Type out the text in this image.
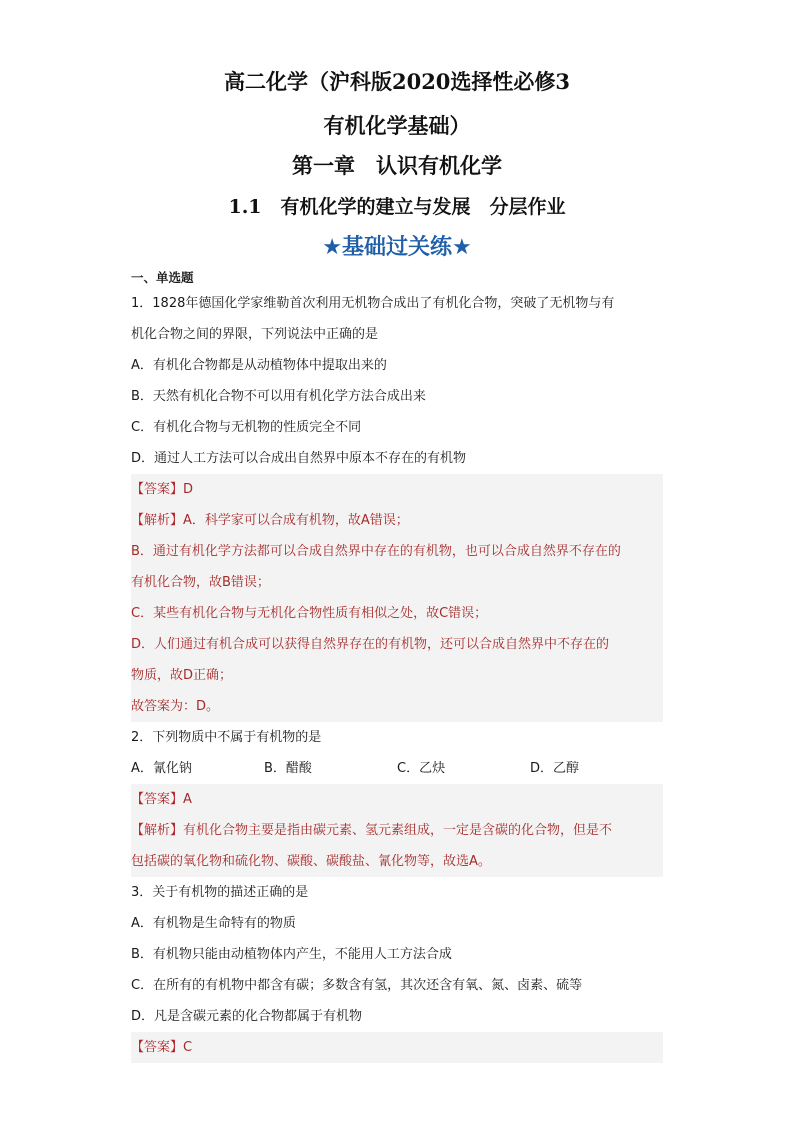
高二化学（沪科版2020选择性必修3
有机化学基础）
第一章　认识有机化学
1.1　有机化学的建立与发展　分层作业
★基础过关练★
一、单选题
1．1828年德国化学家维勒首次利用无机物合成出了有机化合物，突破了无机物与有
机化合物之间的界限，下列说法中正确的是
A．有机化合物都是从动植物体中提取出来的
B．天然有机化合物不可以用有机化学方法合成出来
C．有机化合物与无机物的性质完全不同
D．通过人工方法可以合成出自然界中原本不存在的有机物
【答案】D
【解析】A．科学家可以合成有机物，故A错误；
B．通过有机化学方法都可以合成自然界中存在的有机物，也可以合成自然界不存在的
有机化合物，故B错误；
C．某些有机化合物与无机化合物性质有相似之处，故C错误；
D．人们通过有机合成可以获得自然界存在的有机物，还可以合成自然界中不存在的
物质，故D正确；
故答案为：D。
2．下列物质中不属于有机物的是
A．氰化钠	B．醋酸	C．乙炔	D．乙醇
【答案】A
【解析】有机化合物主要是指由碳元素、氢元素组成，一定是含碳的化合物，但是不
包括碳的氧化物和硫化物、碳酸、碳酸盐、氰化物等，故选A。
3．关于有机物的描述正确的是
A．有机物是生命特有的物质
B．有机物只能由动植物体内产生，不能用人工方法合成
C．在所有的有机物中都含有碳；多数含有氢，其次还含有氧、氮、卤素、硫等
D．凡是含碳元素的化合物都属于有机物
【答案】C
